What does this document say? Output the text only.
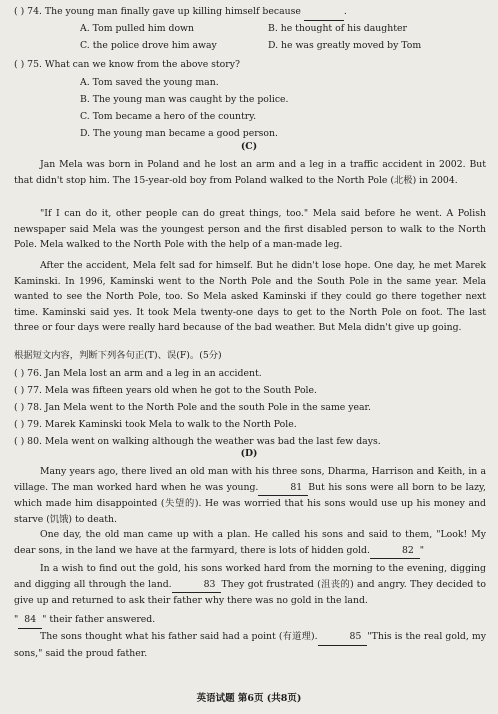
( ) 74. The young man finally gave up killing himself because	.
A. Tom pulled him down	B. he thought of his daughter
C. the police drove him away	D. he was greatly moved by Tom
( ) 75. What can we know from the above story?
A. Tom saved the young man.
B. The young man was caught by the police.
C. Tom became a hero of the country.
D. The young man became a good person.
(C)
Jan Mela was born in Poland and he lost an arm and a leg in a traffic accident in 2002. But that didn't stop him. The 15-year-old boy from Poland walked to the North Pole (北极) in 2004.
"If I can do it, other people can do great things, too." Mela said before he went. A Polish newspaper said Mela was the youngest person and the first disabled person to walk to the North Pole. Mela walked to the North Pole with the help of a man-made leg.
After the accident, Mela felt sad for himself. But he didn't lose hope. One day, he met Marek Kaminski. In 1996, Kaminski went to the North Pole and the South Pole in the same year. Mela wanted to see the North Pole, too. So Mela asked Kaminski if they could go there together next time. Kaminski said yes. It took Mela twenty-one days to get to the North Pole on foot. The last three or four days were really hard because of the bad weather. But Mela didn't give up going.
根据短文内容，判断下列各句正(T)、误(F)。(5分)
( ) 76. Jan Mela lost an arm and a leg in an accident.
( ) 77. Mela was fifteen years old when he got to the South Pole.
( ) 78. Jan Mela went to the North Pole and the south Pole in the same year.
( ) 79. Marek Kaminski took Mela to walk to the North Pole.
( ) 80. Mela went on walking although the weather was bad the last few days.
(D)
Many years ago, there lived an old man with his three sons, Dharma, Harrison and Keith, in a village. The man worked hard when he was young.	81 But his sons were all born to be lazy, which made him disappointed (失望的). He was worried that his sons would use up his money and starve (饥饿) to death.
One day, the old man came up with a plan. He called his sons and said to them, "Look! My dear sons, in the land we have at the farmyard, there is lots of hidden gold.	82 "
In a wish to find out the gold, his sons worked hard from the morning to the evening, digging and digging all through the land.	83 They got frustrated (沮丧的) and angry. They decided to give up and returned to ask their father why there was no gold in the land.
" 84 " their father answered.
The sons thought what his father said had a point (有道理).	85 "This is the real gold, my sons," said the proud father.
英语试题 第6页 (共8页)
